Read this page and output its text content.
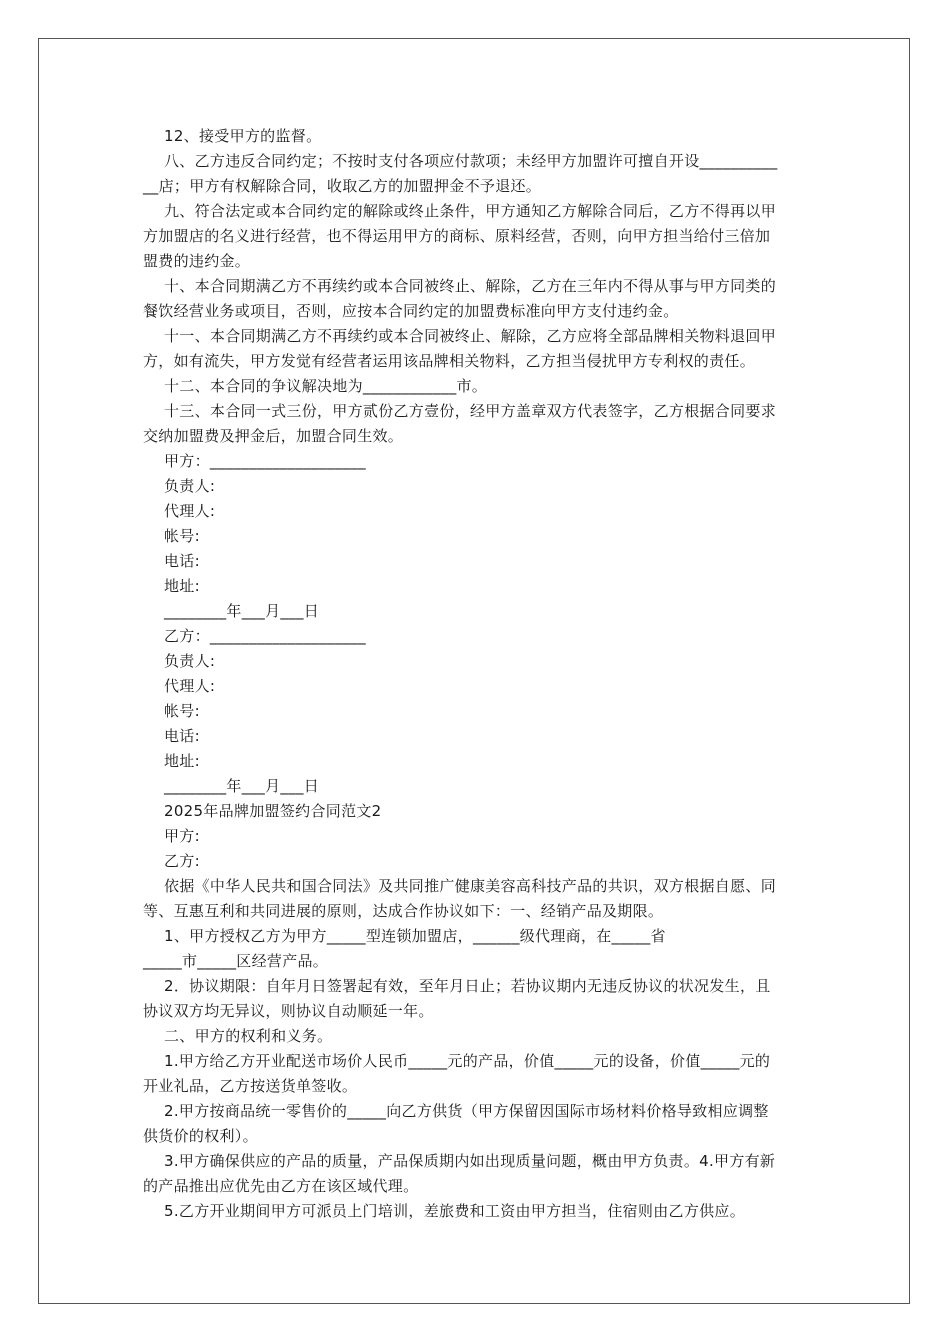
12、接受甲方的监督。

八、乙方违反合同约定；不按时支付各项应付款项；未经甲方加盟许可擅自开设__________

__店；甲方有权解除合同，收取乙方的加盟押金不予退还。

九、符合法定或本合同约定的解除或终止条件，甲方通知乙方解除合同后，乙方不得再以甲

方加盟店的名义进行经营，也不得运用甲方的商标、原料经营，否则，向甲方担当给付三倍加

盟费的违约金。

十、本合同期满乙方不再续约或本合同被终止、解除，乙方在三年内不得从事与甲方同类的

餐饮经营业务或项目，否则，应按本合同约定的加盟费标准向甲方支付违约金。

十一、本合同期满乙方不再续约或本合同被终止、解除，乙方应将全部品牌相关物料退回甲

方，如有流失，甲方发觉有经营者运用该品牌相关物料，乙方担当侵扰甲方专利权的责任。

十二、本合同的争议解决地为____________市。

十三、本合同一式三份，甲方贰份乙方壹份，经甲方盖章双方代表签字，乙方根据合同要求

交纳加盟费及押金后，加盟合同生效。

甲方：____________________

负责人:

代理人:

帐号:

电话:

地址:

________年___月___日

乙方：____________________

负责人:

代理人:

帐号:

电话:

地址:

________年___月___日

2025年品牌加盟签约合同范文2

甲方:

乙方:

依据《中华人民共和国合同法》及共同推广健康美容高科技产品的共识，双方根据自愿、同

等、互惠互利和共同进展的原则，达成合作协议如下：一、经销产品及期限。

1、甲方授权乙方为甲方_____型连锁加盟店，______级代理商，在_____省

_____市_____区经营产品。

2．协议期限：自年月日签署起有效，至年月日止；若协议期内无违反协议的状况发生，且

协议双方均无异议，则协议自动顺延一年。

二、甲方的权利和义务。

1.甲方给乙方开业配送市场价人民币_____元的产品，价值_____元的设备，价值_____元的

开业礼品，乙方按送货单签收。

2.甲方按商品统一零售价的_____向乙方供货（甲方保留因国际市场材料价格导致相应调整

供货价的权利）。

3.甲方确保供应的产品的质量，产品保质期内如出现质量问题，概由甲方负责。4.甲方有新

的产品推出应优先由乙方在该区域代理。

5.乙方开业期间甲方可派员上门培训，差旅费和工资由甲方担当，住宿则由乙方供应。
